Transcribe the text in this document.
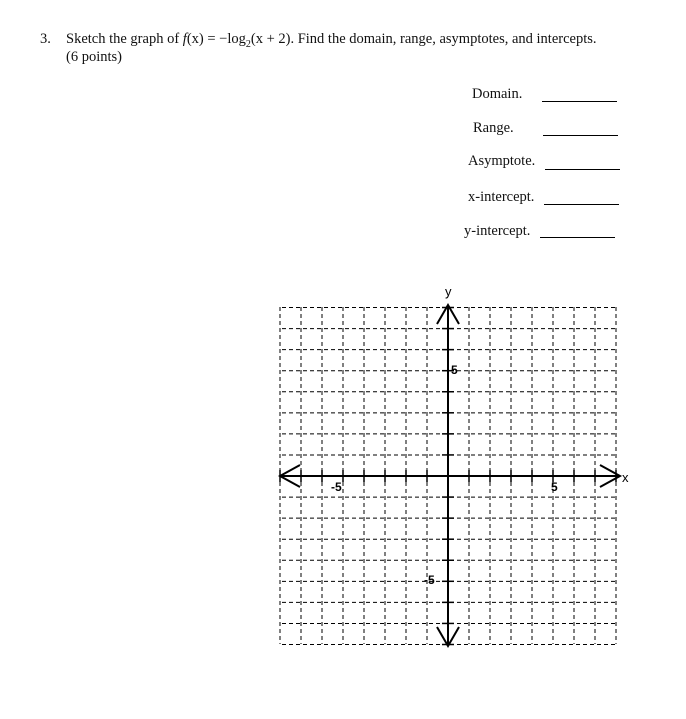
3. Sketch the graph of $f(x) = -\log_2(x + 2)$. Find the domain, range, asymptotes, and intercepts.
(6 points)
Domain.
Range.
Asymptote.
x-intercept.
y-intercept.
x
y
-5	5
5
-5
